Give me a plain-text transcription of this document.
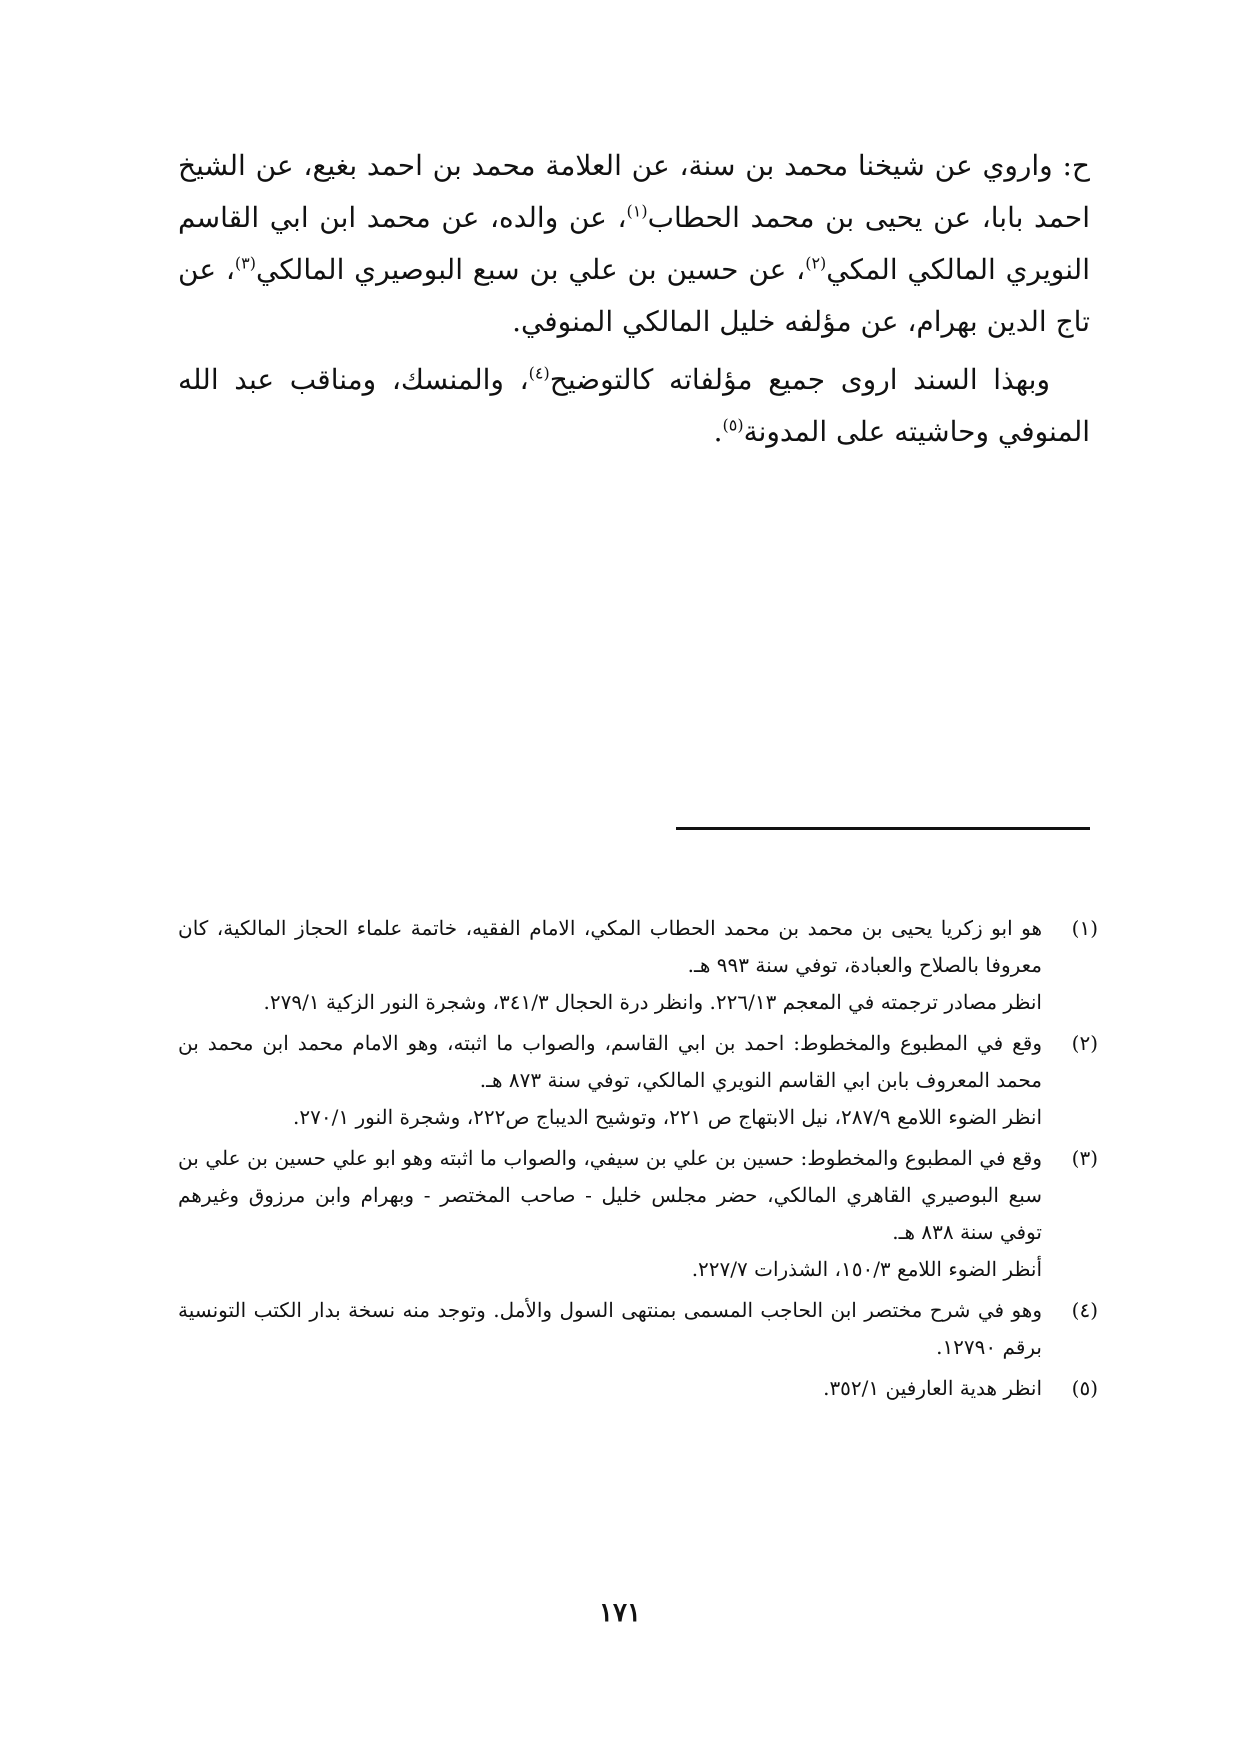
ح: واروي عن شيخنا محمد بن سنة، عن العلامة محمد بن احمد بغيع، عن الشيخ احمد بابا، عن يحيى بن محمد الحطاب$^{(١)}$، عن والده، عن محمد ابن ابي القاسم النويري المالكي المكي$^{(٢)}$، عن حسين بن علي بن سبع البوصيري المالكي$^{(٣)}$، عن تاج الدين بهرام، عن مؤلفه خليل المالكي المنوفي.

وبهذا السند اروى جميع مؤلفاته كالتوضيح$^{(٤)}$، والمنسك، ومناقب عبد الله المنوفي وحاشيته على المدونة$^{(٥)}$.

(١)

هو ابو زكريا يحيى بن محمد بن محمد الحطاب المكي، الامام الفقيه، خاتمة علماء الحجاز المالكية، كان معروفا بالصلاح والعبادة، توفي سنة ٩٩٣ هـ.

انظر مصادر ترجمته في المعجم ٢٢٦/١٣. وانظر درة الحجال ٣٤١/٣، وشجرة النور الزكية ٢٧٩/١.

(٢)

وقع في المطبوع والمخطوط: احمد بن ابي القاسم، والصواب ما اثبته، وهو الامام محمد ابن محمد بن محمد المعروف بابن ابي القاسم النويري المالكي، توفي سنة ٨٧٣ هـ.

انظر الضوء اللامع ٢٨٧/٩، نيل الابتهاج ص ٢٢١، وتوشيح الديباج ص٢٢٢، وشجرة النور ٢٧٠/١.

(٣)

وقع في المطبوع والمخطوط: حسين بن علي بن سيفي، والصواب ما اثبته وهو ابو علي حسين بن علي بن سبع البوصيري القاهري المالكي، حضر مجلس خليل - صاحب المختصر - وبهرام وابن مرزوق وغيرهم توفي سنة ٨٣٨ هـ.

أنظر الضوء اللامع ١٥٠/٣، الشذرات ٢٢٧/٧.

(٤)

وهو في شرح مختصر ابن الحاجب المسمى بمنتهى السول والأمل. وتوجد منه نسخة بدار الكتب التونسية برقم ١٢٧٩٠.

(٥)

انظر هدية العارفين ٣٥٢/١.

١٧١
